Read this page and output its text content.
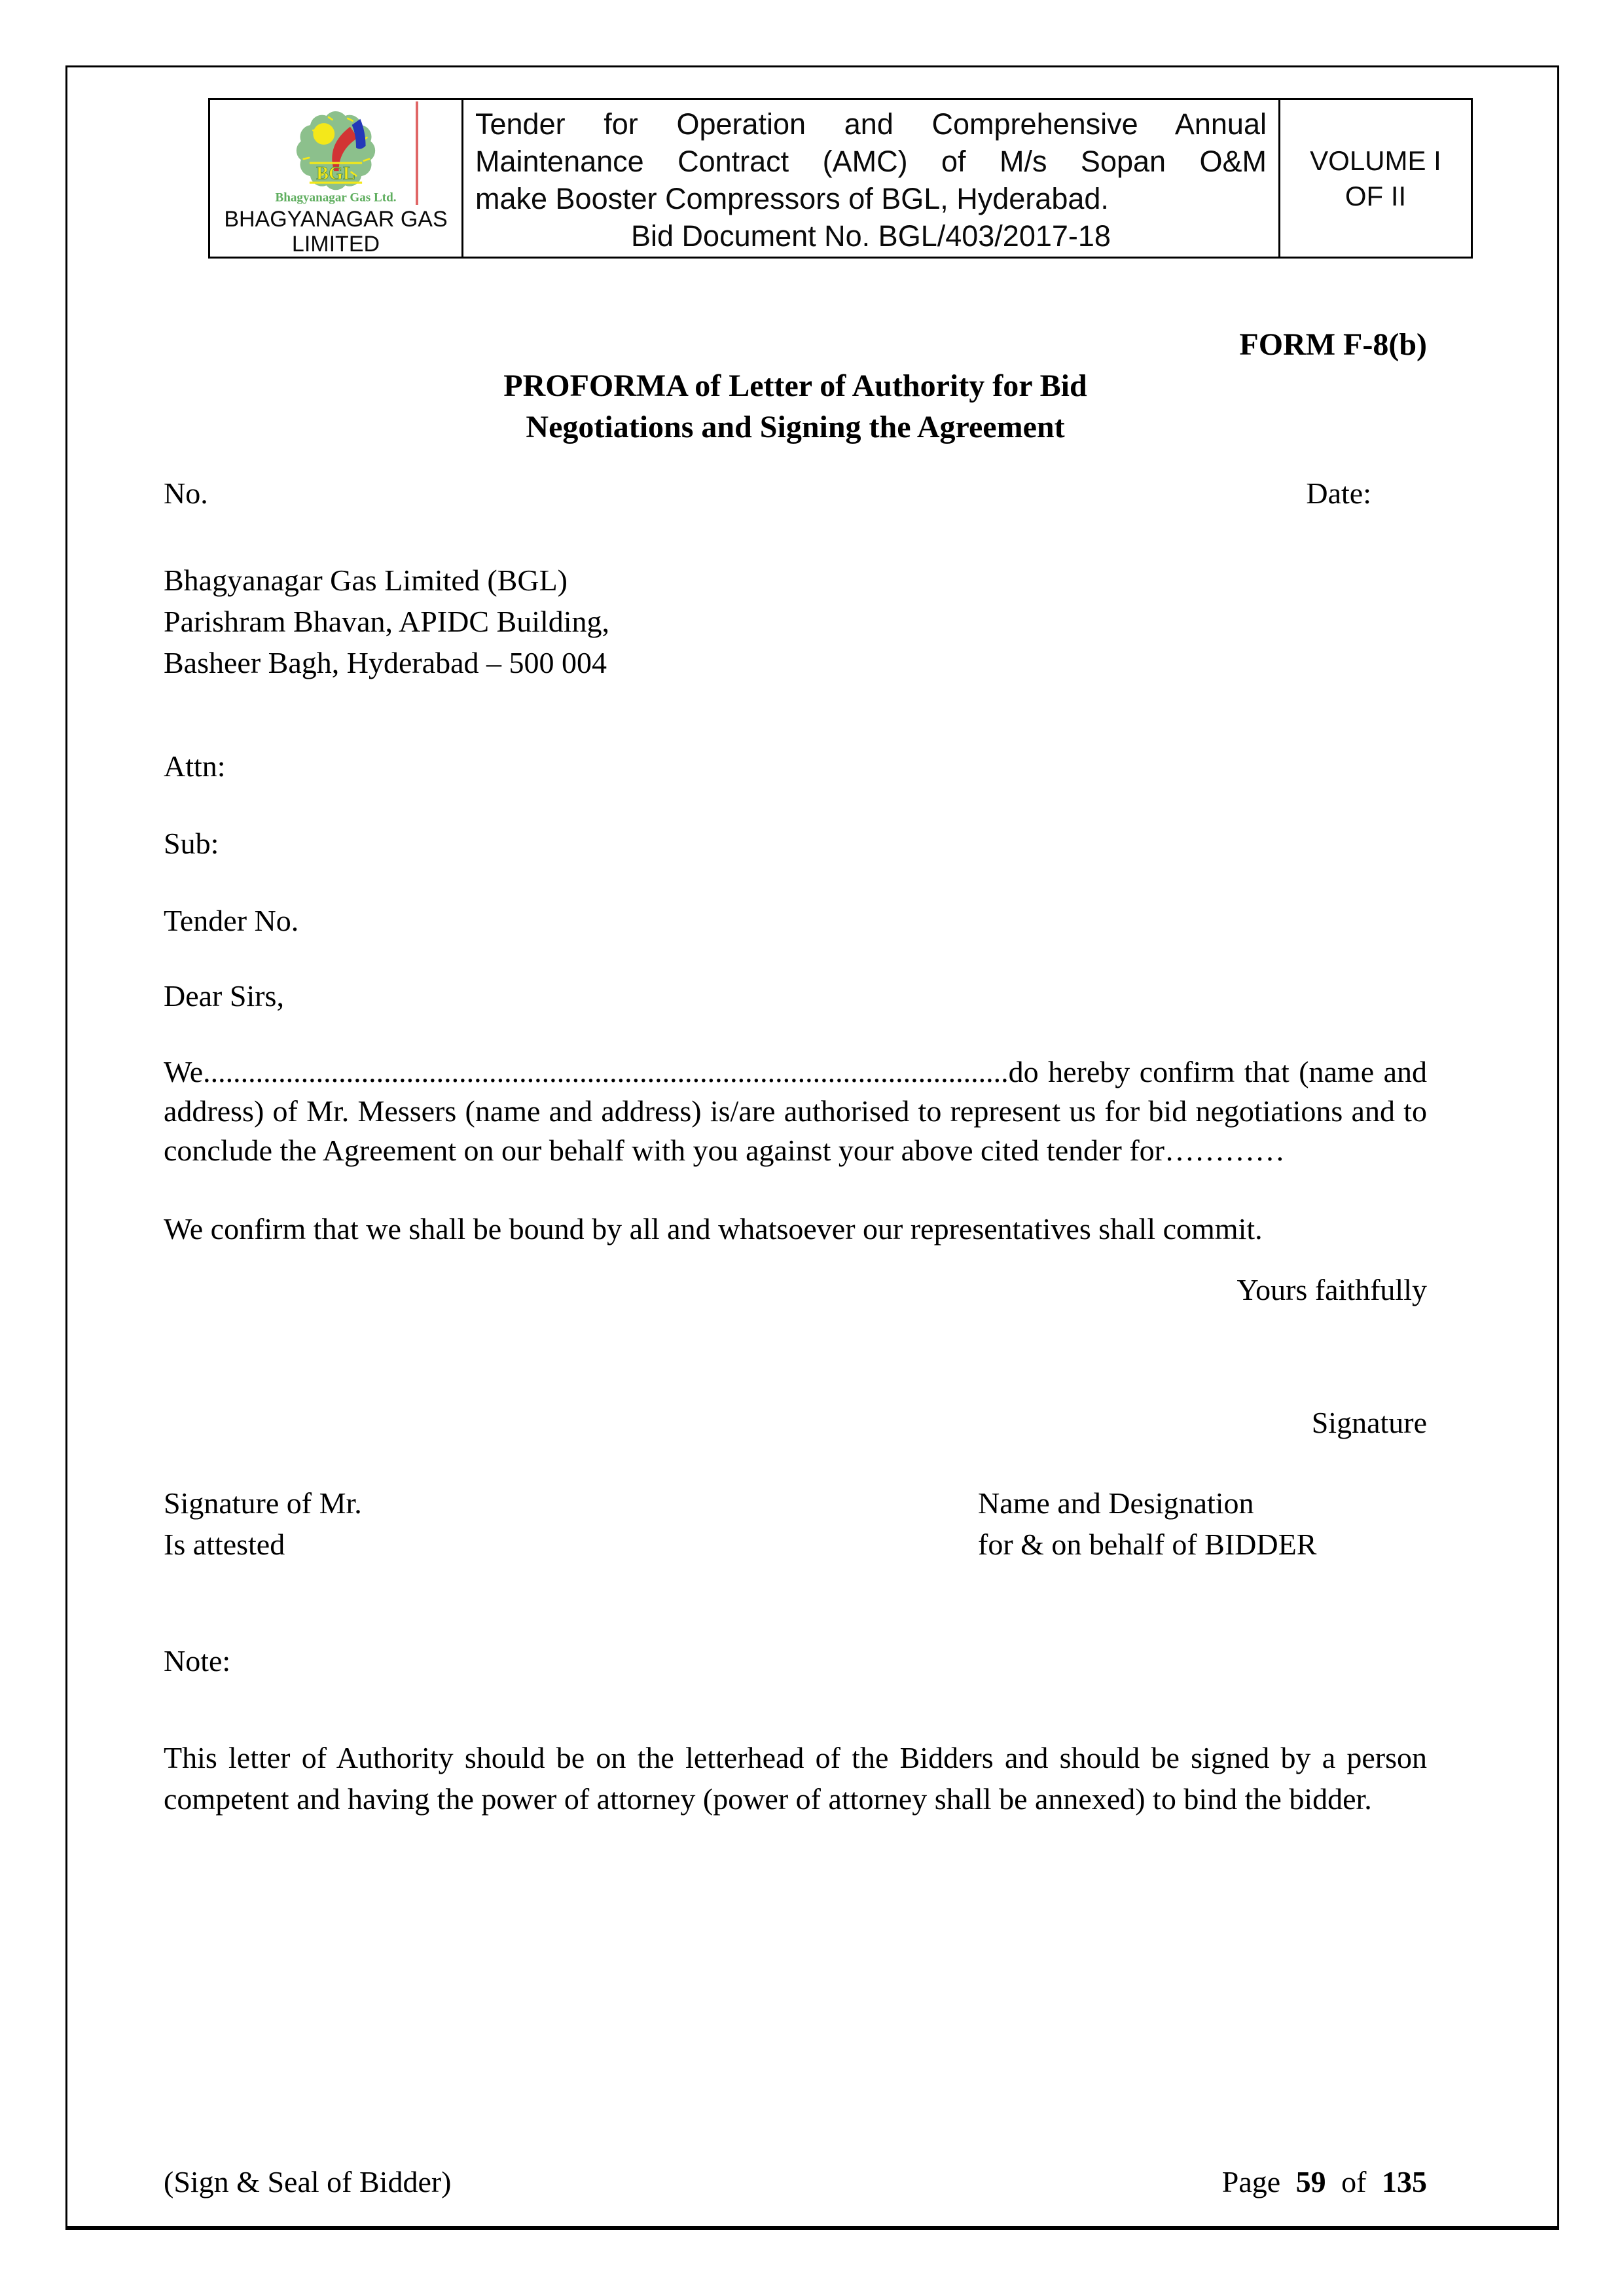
BGL
Bhagyanagar Gas Ltd.
BHAGYANAGAR GAS
LIMITED
Tender for Operation and Comprehensive Annual
Maintenance Contract (AMC) of M/s Sopan O&M
make Booster Compressors of BGL, Hyderabad.
Bid Document No. BGL/403/2017-18
VOLUME I
OF II
FORM F-8(b)
PROFORMA of Letter of Authority for Bid
Negotiations and Signing the Agreement
No.	Date:
Bhagyanagar Gas Limited (BGL)
Parishram Bhavan, APIDC Building,
Basheer Bagh, Hyderabad – 500 004
Attn:
Sub:
Tender No.
Dear Sirs,
We...........................................................................................................do hereby confirm that (name and address) of Mr. Messers (name and address) is/are authorised to represent us for bid negotiations and to conclude the Agreement on our behalf with you against your above cited tender for…………
We confirm that we shall be bound by all and whatsoever our representatives shall commit.
Yours faithfully
Signature
Signature of Mr.
Is attested
Name and Designation
for & on behalf of BIDDER
Note:
This letter of Authority should be on the letterhead of the Bidders and should be signed by a person competent and having the power of attorney (power of attorney shall be annexed) to bind the bidder.
(Sign & Seal of Bidder)	Page 59 of 135
